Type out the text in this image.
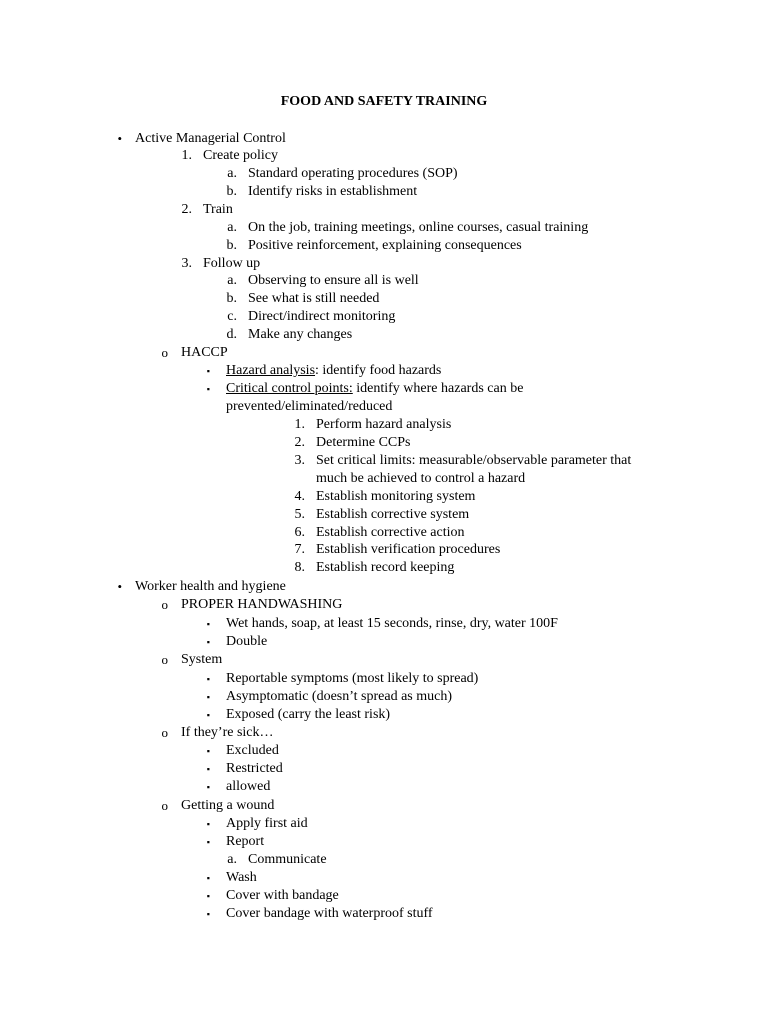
FOOD AND SAFETY TRAINING
• Active Managerial Control
1. Create policy
a. Standard operating procedures (SOP)
b. Identify risks in establishment
2. Train
a. On the job, training meetings, online courses, casual training
b. Positive reinforcement, explaining consequences
3. Follow up
a. Observing to ensure all is well
b. See what is still needed
c. Direct/indirect monitoring
d. Make any changes
o HACCP
▪ Hazard analysis: identify food hazards
▪ Critical control points: identify where hazards can be
prevented/eliminated/reduced
1. Perform hazard analysis
2. Determine CCPs
3. Set critical limits: measurable/observable parameter that
much be achieved to control a hazard
4. Establish monitoring system
5. Establish corrective system
6. Establish corrective action
7. Establish verification procedures
8. Establish record keeping
• Worker health and hygiene
o PROPER HANDWASHING
▪ Wet hands, soap, at least 15 seconds, rinse, dry, water 100F
▪ Double
o System
▪ Reportable symptoms (most likely to spread)
▪ Asymptomatic (doesn’t spread as much)
▪ Exposed (carry the least risk)
o If they’re sick…
▪ Excluded
▪ Restricted
▪ allowed
o Getting a wound
▪ Apply first aid
▪ Report
a. Communicate
▪ Wash
▪ Cover with bandage
▪ Cover bandage with waterproof stuff
